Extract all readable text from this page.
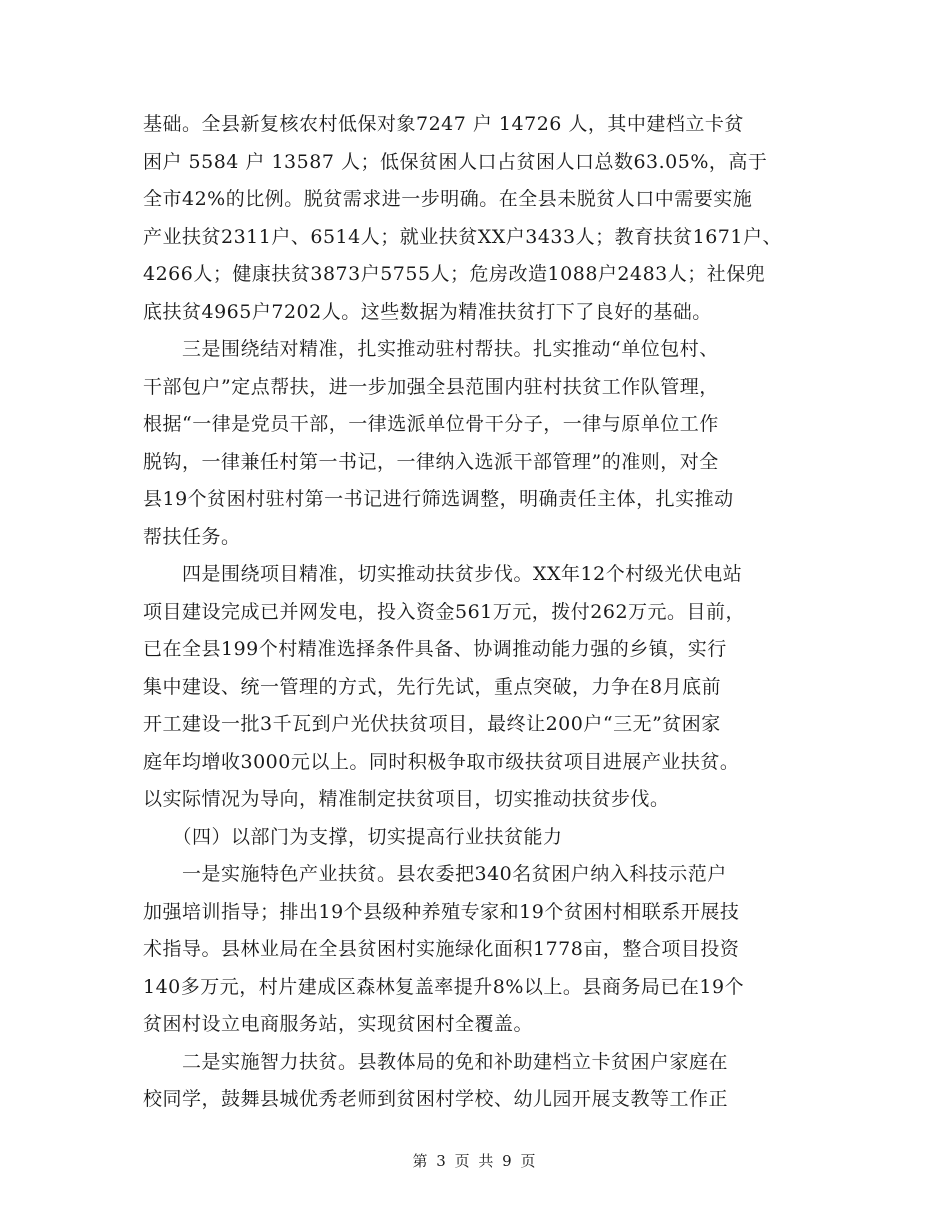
基础。全县新复核农村低保对象7247 户 14726 人，其中建档立卡贫
困户 5584 户 13587 人；低保贫困人口占贫困人口总数63.05%，高于
全市42%的比例。脱贫需求进一步明确。在全县未脱贫人口中需要实施
产业扶贫2311户、6514人；就业扶贫XX户3433人；教育扶贫1671户、
4266人；健康扶贫3873户5755人；危房改造1088户2483人；社保兜
底扶贫4965户7202人。这些数据为精准扶贫打下了良好的基础。
　　三是围绕结对精准，扎实推动驻村帮扶。扎实推动“单位包村、
干部包户”定点帮扶，进一步加强全县范围内驻村扶贫工作队管理，
根据“一律是党员干部，一律选派单位骨干分子，一律与原单位工作
脱钩，一律兼任村第一书记，一律纳入选派干部管理”的准则，对全
县19个贫困村驻村第一书记进行筛选调整，明确责任主体，扎实推动
帮扶任务。
　　四是围绕项目精准，切实推动扶贫步伐。XX年12个村级光伏电站
项目建设完成已并网发电，投入资金561万元，拨付262万元。目前，
已在全县199个村精准选择条件具备、协调推动能力强的乡镇，实行
集中建设、统一管理的方式，先行先试，重点突破，力争在8月底前
开工建设一批3千瓦到户光伏扶贫项目，最终让200户“三无”贫困家
庭年均增收3000元以上。同时积极争取市级扶贫项目进展产业扶贫。
以实际情况为导向，精准制定扶贫项目，切实推动扶贫步伐。
　　（四）以部门为支撑，切实提高行业扶贫能力
　　一是实施特色产业扶贫。县农委把340名贫困户纳入科技示范户
加强培训指导；排出19个县级种养殖专家和19个贫困村相联系开展技
术指导。县林业局在全县贫困村实施绿化面积1778亩，整合项目投资
140多万元，村片建成区森林复盖率提升8%以上。县商务局已在19个
贫困村设立电商服务站，实现贫困村全覆盖。
　　二是实施智力扶贫。县教体局的免和补助建档立卡贫困户家庭在
校同学，鼓舞县城优秀老师到贫困村学校、幼儿园开展支教等工作正
第 3 页 共 9 页
